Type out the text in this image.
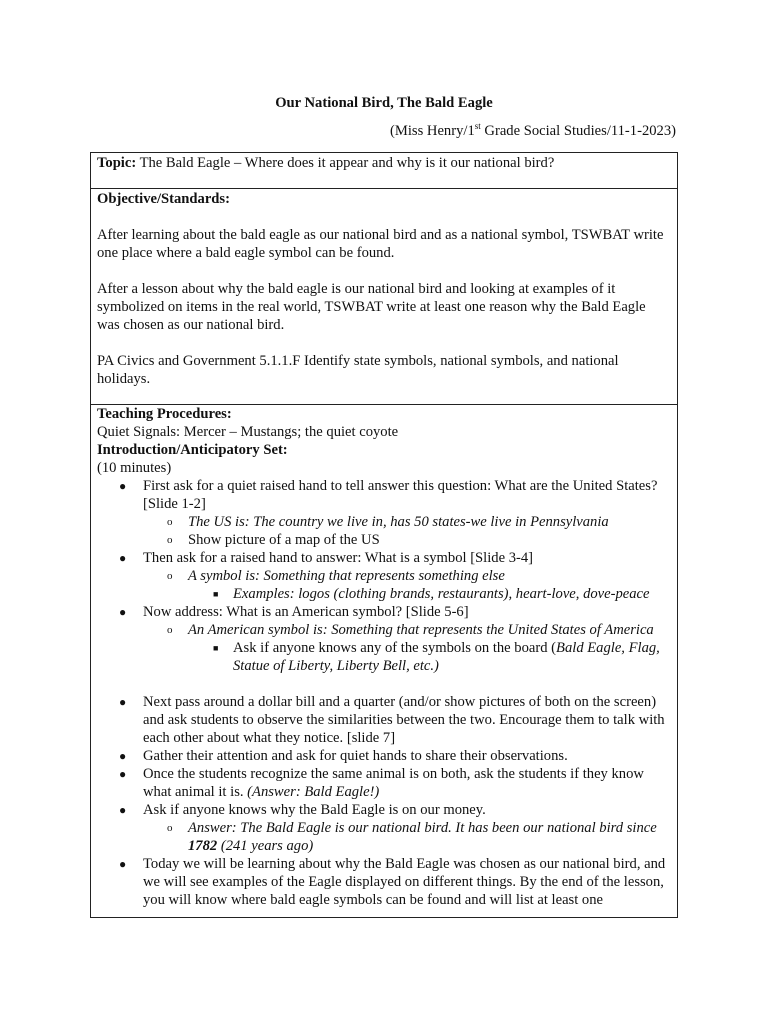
Our National Bird, The Bald Eagle
(Miss Henry/1st Grade Social Studies/11-1-2023)
Topic: The Bald Eagle – Where does it appear and why is it our national bird?

Objective/Standards:

After learning about the bald eagle as our national bird and as a national symbol, TSWBAT write one place where a bald eagle symbol can be found.

After a lesson about why the bald eagle is our national bird and looking at examples of it symbolized on items in the real world, TSWBAT write at least one reason why the Bald Eagle was chosen as our national bird.

PA Civics and Government 5.1.1.F Identify state symbols, national symbols, and national holidays.

Teaching Procedures:

Quiet Signals: Mercer – Mustangs; the quiet coyote

Introduction/Anticipatory Set:

(10 minutes)

● First ask for a quiet raised hand to tell answer this question: What are the United States? [Slide 1-2]
o The US is: The country we live in, has 50 states-we live in Pennsylvania
o Show picture of a map of the US
● Then ask for a raised hand to answer: What is a symbol [Slide 3-4]
o A symbol is: Something that represents something else
■ Examples: logos (clothing brands, restaurants), heart-love, dove-peace
● Now address: What is an American symbol? [Slide 5-6]
o An American symbol is: Something that represents the United States of America
■ Ask if anyone knows any of the symbols on the board (Bald Eagle, Flag, Statue of Liberty, Liberty Bell, etc.)
● Next pass around a dollar bill and a quarter (and/or show pictures of both on the screen) and ask students to observe the similarities between the two. Encourage them to talk with each other about what they notice. [slide 7]
● Gather their attention and ask for quiet hands to share their observations.
● Once the students recognize the same animal is on both, ask the students if they know what animal it is. (Answer: Bald Eagle!)
● Ask if anyone knows why the Bald Eagle is on our money.
o Answer: The Bald Eagle is our national bird. It has been our national bird since 1782 (241 years ago)
● Today we will be learning about why the Bald Eagle was chosen as our national bird, and we will see examples of the Eagle displayed on different things. By the end of the lesson, you will know where bald eagle symbols can be found and will list at least one
